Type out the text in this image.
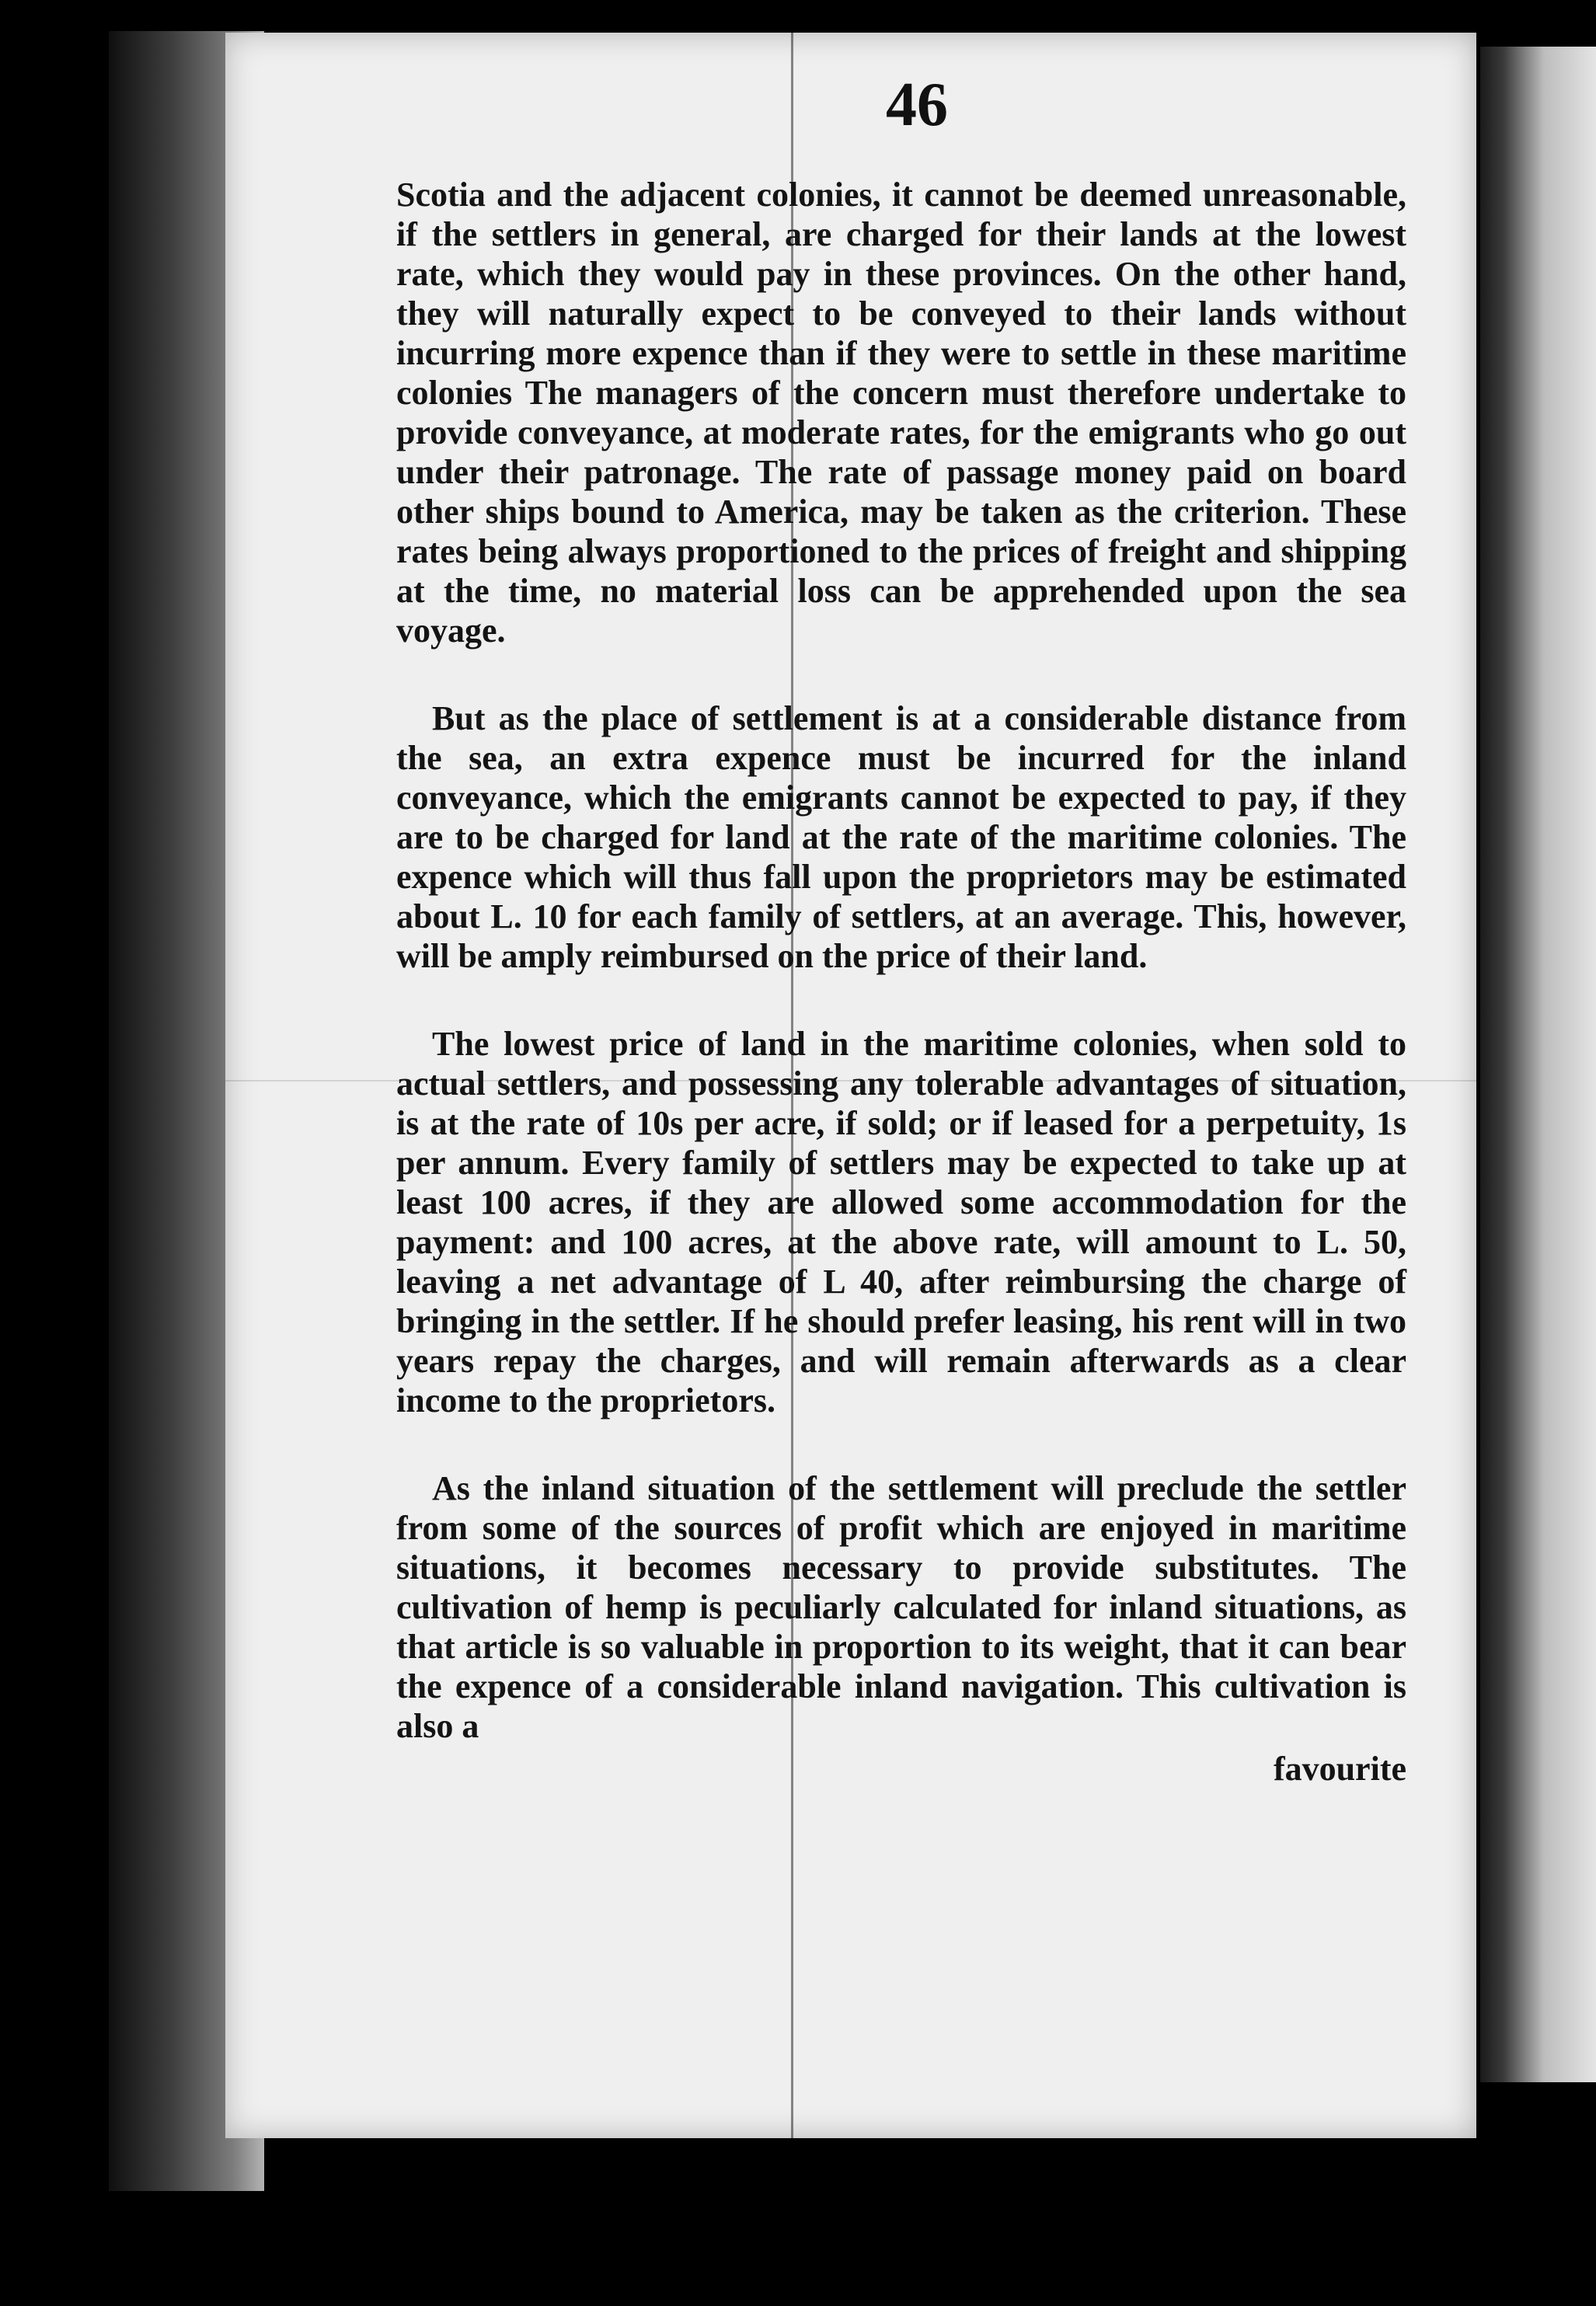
46

Scotia and the adjacent colonies, it cannot be deemed unreasonable, if the settlers in general, are charged for their lands at the lowest rate, which they would pay in these provinces. On the other hand, they will naturally expect to be conveyed to their lands without incurring more expence than if they were to settle in these maritime colonies The managers of the concern must therefore undertake to provide conveyance, at moderate rates, for the emigrants who go out under their patronage. The rate of passage money paid on board other ships bound to America, may be taken as the criterion. These rates being always proportioned to the prices of freight and shipping at the time, no material loss can be apprehended upon the sea voyage.

But as the place of settlement is at a considerable distance from the sea, an extra expence must be incurred for the inland conveyance, which the emigrants cannot be expected to pay, if they are to be charged for land at the rate of the maritime colonies. The expence which will thus fall upon the proprietors may be estimated about L. 10 for each family of settlers, at an average. This, however, will be amply reimbursed on the price of their land.

The lowest price of land in the maritime colonies, when sold to actual settlers, and possessing any tolerable advantages of situation, is at the rate of 10s per acre, if sold; or if leased for a perpetuity, 1s per annum. Every family of settlers may be expected to take up at least 100 acres, if they are allowed some accommodation for the payment: and 100 acres, at the above rate, will amount to L. 50, leaving a net advantage of L 40, after reimbursing the charge of bringing in the settler. If he should prefer leasing, his rent will in two years repay the charges, and will remain afterwards as a clear income to the proprietors.

As the inland situation of the settlement will preclude the settler from some of the sources of profit which are enjoyed in maritime situations, it becomes necessary to provide substitutes. The cultivation of hemp is peculiarly calculated for inland situations, as that article is so valuable in proportion to its weight, that it can bear the expence of a considerable inland navigation. This cultivation is also a

favourite
